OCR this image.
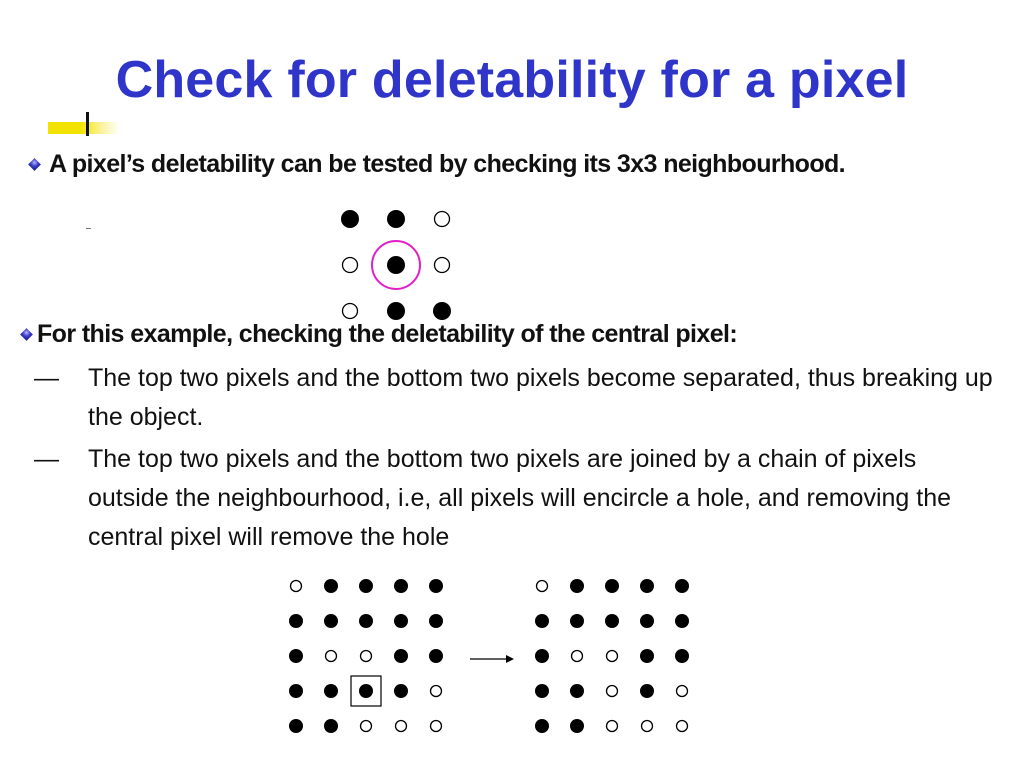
Check for deletability for a pixel
A pixel’s deletability can be tested by checking its 3x3 neighbourhood.
For this example, checking the deletability of the central pixel:
—	The top two pixels and the bottom two pixels become separated, thus breaking up the object.
—	The top two pixels and the bottom two pixels are joined by a chain of pixels outside the neighbourhood, i.e, all pixels will encircle a hole, and removing the central pixel will remove the hole
